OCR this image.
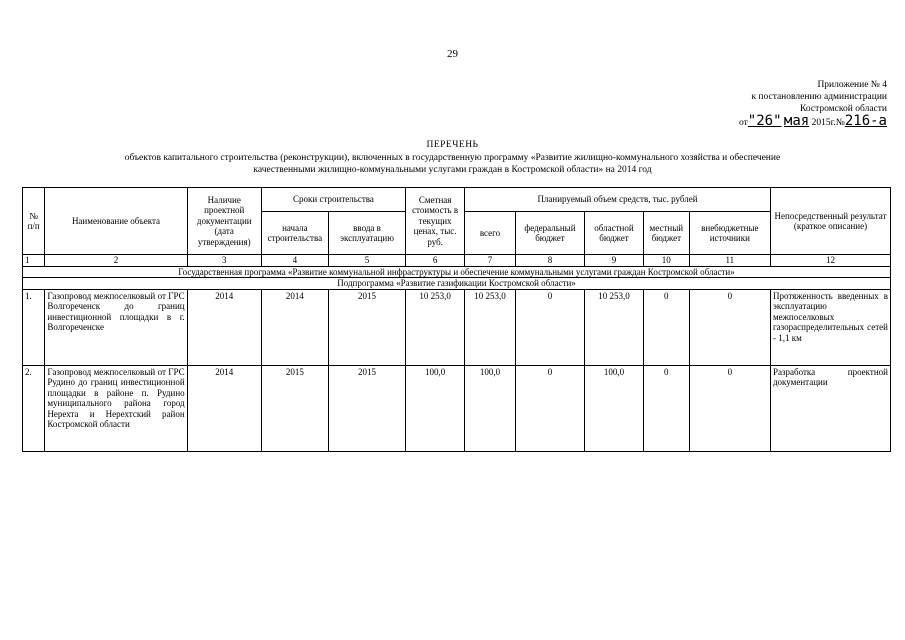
29
Приложение № 4
к постановлению администрации
Костромской области
от"26" мая 2015г.№216-а
ПЕРЕЧЕНЬ
объектов капитального строительства (реконструкции), включенных в государственную программу «Развитие жилищно-коммунального хозяйства и обеспечение
качественными жилищно-коммунальными услугами граждан в Костромской области» на 2014 год
№ п/п	Наименование объекта	Наличие проектной документации (дата утверждения)	Сроки строительства		Сметная стоимость в текущих ценах, тыс. руб.	Планируемый объем средств, тыс. рублей					Непосредственный результат (краткое описание)
			начала строительства	ввода в эксплуатацию		всего	федеральный бюджет	областной бюджет	местный бюджет	внебюджетные источники	
1	2	3	4	5	6	7	8	9	10	11	12
Государственная программа «Развитие коммунальной инфраструктуры и обеспечение коммунальными услугами граждан Костромской области»											
Подпрограмма «Развитие газификации Костромской области»											
1.	Газопровод межпоселковый от ГРС Волгореченск до границ инвестиционной площадки в г. Волгореченске	2014	2014	2015	10 253,0	10 253,0	0	10 253,0	0	0	Протяженность введенных в эксплуатацию межпоселковых газораспределительных сетей - 1,1 км
2.	Газопровод межпоселковый от ГРС Рудино до границ инвестиционной площадки в районе п. Рудино муниципального района город Нерехта и Нерехтский район Костромской области	2014	2015	2015	100,0	100,0	0	100,0	0	0	Разработка проектной документации
